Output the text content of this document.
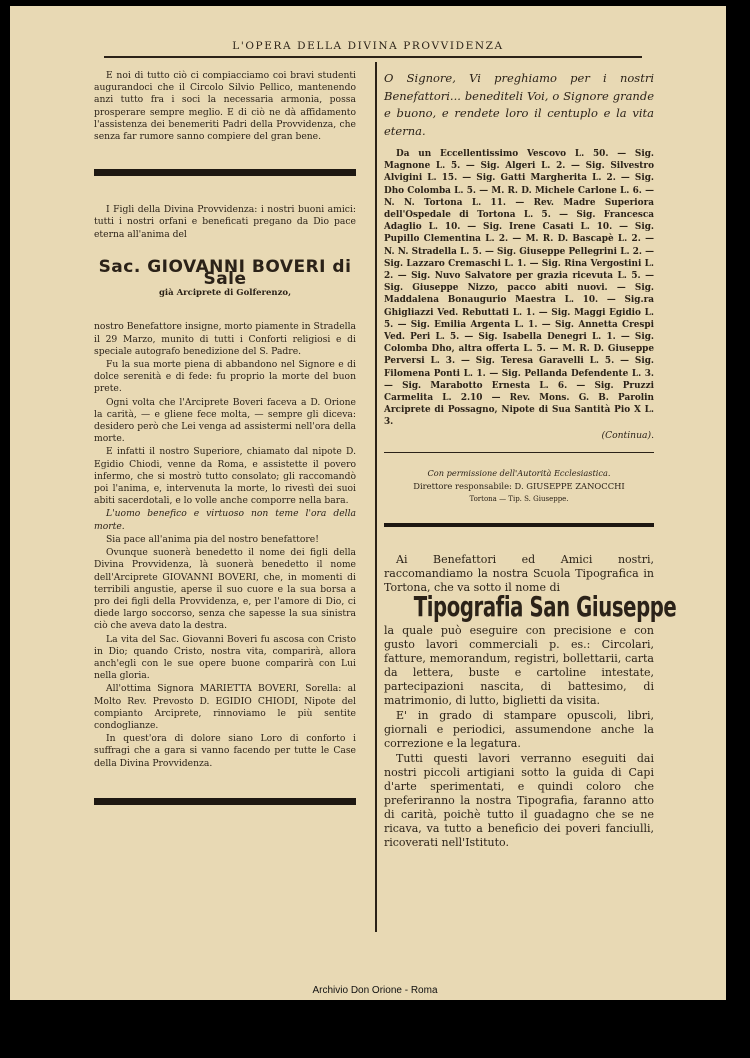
L'OPERA DELLA DIVINA PROVVIDENZA

E noi di tutto ciò ci compiacciamo coi bravi studenti augurandoci che il Circolo Silvio Pellico, mantenendo anzi tutto fra i soci la necessaria armonia, possa prosperare sempre meglio. E di ciò ne dà affidamento l'assistenza dei benemeriti Padri della Provvidenza, che senza far rumore sanno compiere del gran bene.

I Figli della Divina Provvidenza: i nostri buoni amici: tutti i nostri orfani e beneficati pregano da Dio pace eterna all'anima del

Sac. GIOVANNI BOVERI di Sale

già Arciprete di Golferenzo,

nostro Benefattore insigne, morto piamente in Stradella il 29 Marzo, munito di tutti i Conforti religiosi e di speciale autografo benedizione del S. Padre.

Fu la sua morte piena di abbandono nel Signore e di dolce serenità e di fede: fu proprio la morte del buon prete.

Ogni volta che l'Arciprete Boveri faceva a D. Orione la carità, — e gliene fece molta, — sempre gli diceva: desidero però che Lei venga ad assistermi nell'ora della morte.

E infatti il nostro Superiore, chiamato dal nipote D. Egidio Chiodi, venne da Roma, e assistette il povero infermo, che si mostrò tutto consolato; gli raccomandò poi l'anima, e, intervenuta la morte, lo rivestì dei suoi abiti sacerdotali, e lo volle anche comporre nella bara.

L'uomo benefico e virtuoso non teme l'ora della morte.

Sia pace all'anima pia del nostro benefattore!

Ovunque suonerà benedetto il nome dei figli della Divina Provvidenza, là suonerà benedetto il nome dell'Arciprete GIOVANNI BOVERI, che, in momenti di terribili angustie, aperse il suo cuore e la sua borsa a pro dei figli della Provvidenza, e, per l'amore di Dio, ci diede largo soccorso, senza che sapesse la sua sinistra ciò che aveva dato la destra.

La vita del Sac. Giovanni Boveri fu ascosa con Cristo in Dio; quando Cristo, nostra vita, comparirà, allora anch'egli con le sue opere buone comparirà con Lui nella gloria.

All'ottima Signora MARIETTA BOVERI, Sorella: al Molto Rev. Prevosto D. EGIDIO CHIODI, Nipote del compianto Arciprete, rinnoviamo le più sentite condoglianze.

In quest'ora di dolore siano Loro di conforto i suffragi che a gara si vanno facendo per tutte le Case della Divina Provvidenza.

O Signore, Vi preghiamo per i nostri Benefattori... benediteli Voi, o Signore grande e buono, e rendete loro il centuplo e la vita eterna.

Da un Eccellentissimo Vescovo L. 50. — Sig. Magnone L. 5. — Sig. Algeri L. 2. — Sig. Silvestro Alvigini L. 15. — Sig. Gatti Margherita L. 2. — Sig. Dho Colomba L. 5. — M. R. D. Michele Carlone L. 6. — N. N. Tortona L. 11. — Rev. Madre Superiora dell'Ospedale di Tortona L. 5. — Sig. Francesca Adaglio L. 10. — Sig. Irene Casati L. 10. — Sig. Pupillo Clementina L. 2. — M. R. D. Bascapè L. 2. — N. N. Stradella L. 5. — Sig. Giuseppe Pellegrini L. 2. — Sig. Lazzaro Cremaschi L. 1. — Sig. Rina Vergostini L. 2. — Sig. Nuvo Salvatore per grazia ricevuta L. 5. — Sig. Giuseppe Nizzo, pacco abiti nuovi. — Sig. Maddalena Bonaugurio Maestra L. 10. — Sig.ra Ghigliazzi Ved. Rebuttati L. 1. — Sig. Maggi Egidio L. 5. — Sig. Emilia Argenta L. 1. — Sig. Annetta Crespi Ved. Peri L. 5. — Sig. Isabella Denegri L. 1. — Sig. Colomba Dho, altra offerta L. 5. — M. R. D. Giuseppe Perversi L. 3. — Sig. Teresa Garavelli L. 5. — Sig. Filomena Ponti L. 1. — Sig. Pellanda Defendente L. 3. — Sig. Marabotto Ernesta L. 6. — Sig. Pruzzi Carmelita L. 2.10 — Rev. Mons. G. B. Parolin Arciprete di Possagno, Nipote di Sua Santità Pio X L. 3.

(Continua).

Con permissione dell'Autorità Ecclesiastica.

Direttore responsabile: D. GIUSEPPE ZANOCCHI

Tortona — Tip. S. Giuseppe.

Ai Benefattori ed Amici nostri, raccomandiamo la nostra Scuola Tipografica in Tortona, che va sotto il nome di

Tipografia San Giuseppe

la quale può eseguire con precisione e con gusto lavori commerciali p. es.: Circolari, fatture, memorandum, registri, bollettarii, carta da lettera, buste e cartoline intestate, partecipazioni nascita, di battesimo, di matrimonio, di lutto, biglietti da visita.

E' in grado di stampare opuscoli, libri, giornali e periodici, assumendone anche la correzione e la legatura.

Tutti questi lavori verranno eseguiti dai nostri piccoli artigiani sotto la guida di Capi d'arte sperimentati, e quindi coloro che preferiranno la nostra Tipografia, faranno atto di carità, poichè tutto il guadagno che se ne ricava, va tutto a beneficio dei poveri fanciulli, ricoverati nell'Istituto.

Archivio Don Orione - Roma
